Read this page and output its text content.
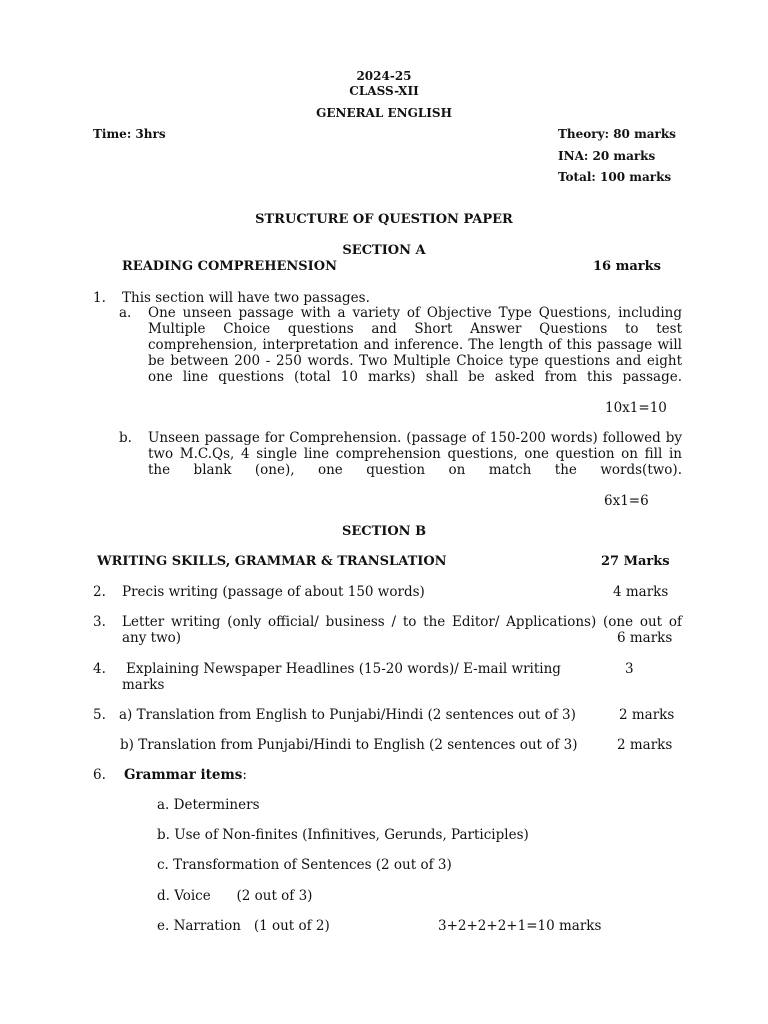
2024-25
CLASS-XII
GENERAL ENGLISH
Time: 3hrs	Theory: 80 marks
INA: 20 marks
Total: 100 marks
STRUCTURE OF QUESTION PAPER
SECTION A
READING COMPREHENSION	16 marks
1. This section will have two passages.
a. One unseen passage with a variety of Objective Type Questions, including
Multiple Choice questions and Short Answer Questions to test
comprehension, interpretation and inference. The length of this passage will
be between 200 - 250 words. Two Multiple Choice type questions and eight
one line questions (total 10 marks) shall be asked from this passage.
10x1=10
b. Unseen passage for Comprehension. (passage of 150-200 words) followed by
two M.C.Qs, 4 single line comprehension questions, one question on fill in
the blank (one), one question on match the words(two).
6x1=6
SECTION B
WRITING SKILLS, GRAMMAR & TRANSLATION	27 Marks
2. Precis writing (passage of about 150 words)	4 marks
3. Letter writing (only official/ business / to the Editor/ Applications) (one out of
any two)	6 marks
4. Explaining Newspaper Headlines (15-20 words)/ E-mail writing	3
marks
5. a) Translation from English to Punjabi/Hindi (2 sentences out of 3)	2 marks
b) Translation from Punjabi/Hindi to English (2 sentences out of 3)	2 marks
6. Grammar items:
a. Determiners
b. Use of Non-finites (Infinitives, Gerunds, Participles)
c. Transformation of Sentences (2 out of 3)
d. Voice      (2 out of 3)
e. Narration   (1 out of 2)	3+2+2+2+1=10 marks
